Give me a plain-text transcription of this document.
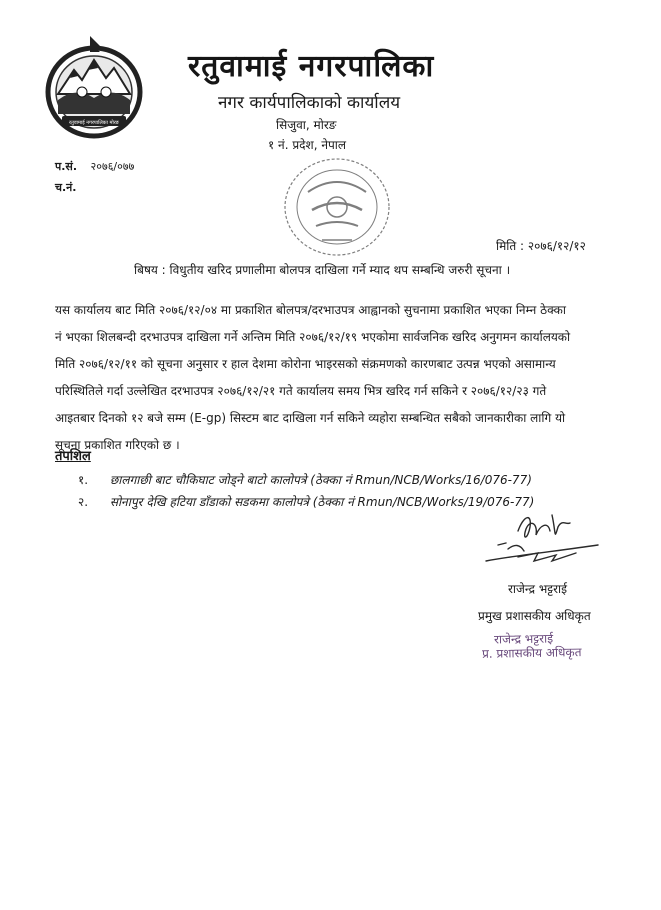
रतुवामाई नगरपालिका मोरङ
रतुवामाई नगरपालिका
नगर कार्यपालिकाको कार्यालय
सिजुवा, मोरङ
१ नं. प्रदेश, नेपाल
प.सं. २०७६/०७७
च.नं.
मिति : २०७६/१२/१२
बिषय : विधुतीय खरिद प्रणालीमा बोलपत्र दाखिला गर्ने म्याद थप सम्बन्धि जरुरी सूचना ।
यस कार्यालय बाट मिति २०७६/१२/०४ मा प्रकाशित बोलपत्र/दरभाउपत्र आह्वानको सुचनामा प्रकाशित भएका निम्न ठेक्का
नं भएका शिलबन्दी दरभाउपत्र दाखिला गर्ने अन्तिम मिति २०७६/१२/१९ भएकोमा सार्वजनिक खरिद अनुगमन कार्यालयको
मिति २०७६/१२/११ को सूचना अनुसार र हाल देशमा कोरोना भाइरसको संक्रमणको कारणबाट उत्पन्न भएको असामान्य
परिस्थितिले गर्दा उल्लेखित दरभाउपत्र २०७६/१२/२१ गते कार्यालय समय भित्र खरिद गर्न सकिने र २०७६/१२/२३ गते
आइतबार दिनको १२ बजे सम्म (E-gp) सिस्टम बाट दाखिला गर्न सकिने व्यहोरा सम्बन्धित सबैको जानकारीका लागि यो
सूचना प्रकाशित गरिएको छ ।
तपशिल
१. छालगाछी बाट चौकिघाट जोड्ने बाटो कालोपत्रे (ठेक्का नं Rmun/NCB/Works/16/076-77)
२. सोनापुर देखि हटिया डाँडाको सडकमा कालोपत्रे (ठेक्का नं Rmun/NCB/Works/19/076-77)
राजेन्द्र भट्टराई
प्रमुख प्रशासकीय अधिकृत
राजेन्द्र भट्टराई
प्र. प्रशासकीय अधिकृत
